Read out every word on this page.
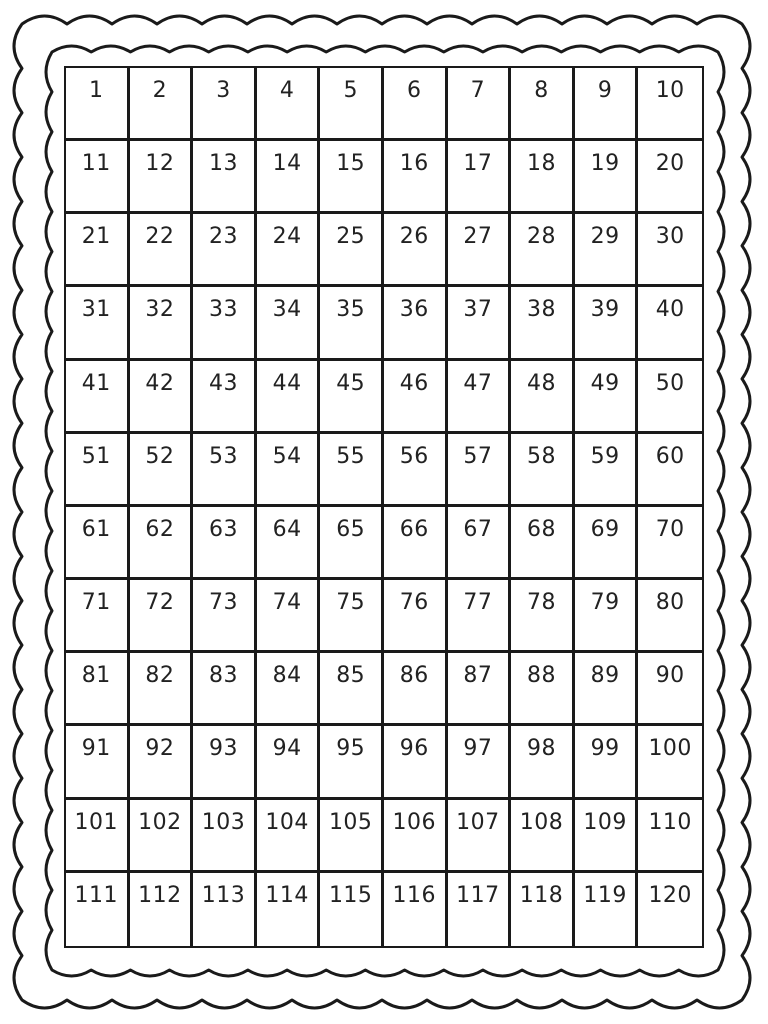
1	2	3	4	5	6	7	8	9	10
11	12	13	14	15	16	17	18	19	20
21	22	23	24	25	26	27	28	29	30
31	32	33	34	35	36	37	38	39	40
41	42	43	44	45	46	47	48	49	50
51	52	53	54	55	56	57	58	59	60
61	62	63	64	65	66	67	68	69	70
71	72	73	74	75	76	77	78	79	80
81	82	83	84	85	86	87	88	89	90
91	92	93	94	95	96	97	98	99	100
101 102 103 104 105 106 107 108 109 110
111 112 113 114 115 116 117 118 119 120
